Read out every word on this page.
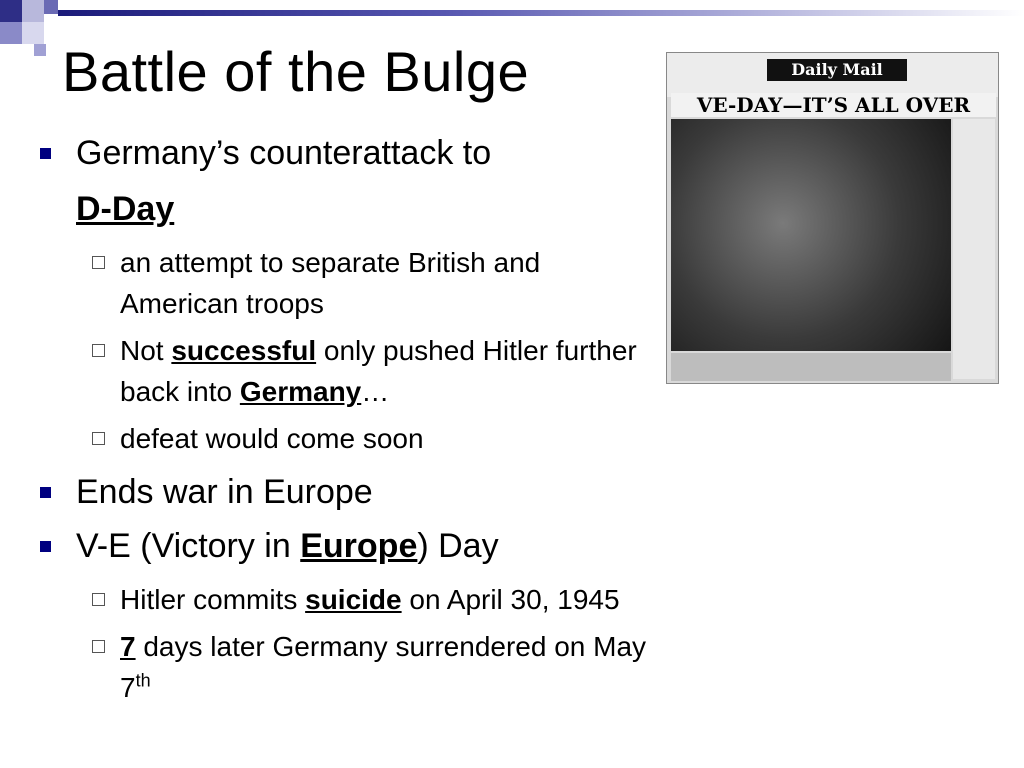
Battle of the Bulge
Germany’s counterattack to
D-Day
an attempt to separate British and American troops
Not successful only pushed Hitler further back into Germany…
defeat would come soon
Ends war in Europe
V-E (Victory in Europe) Day
Hitler commits suicide on April 30, 1945
7 days later Germany surrendered on May 7th
Daily Mail
VE-DAY—IT’S ALL OVER
